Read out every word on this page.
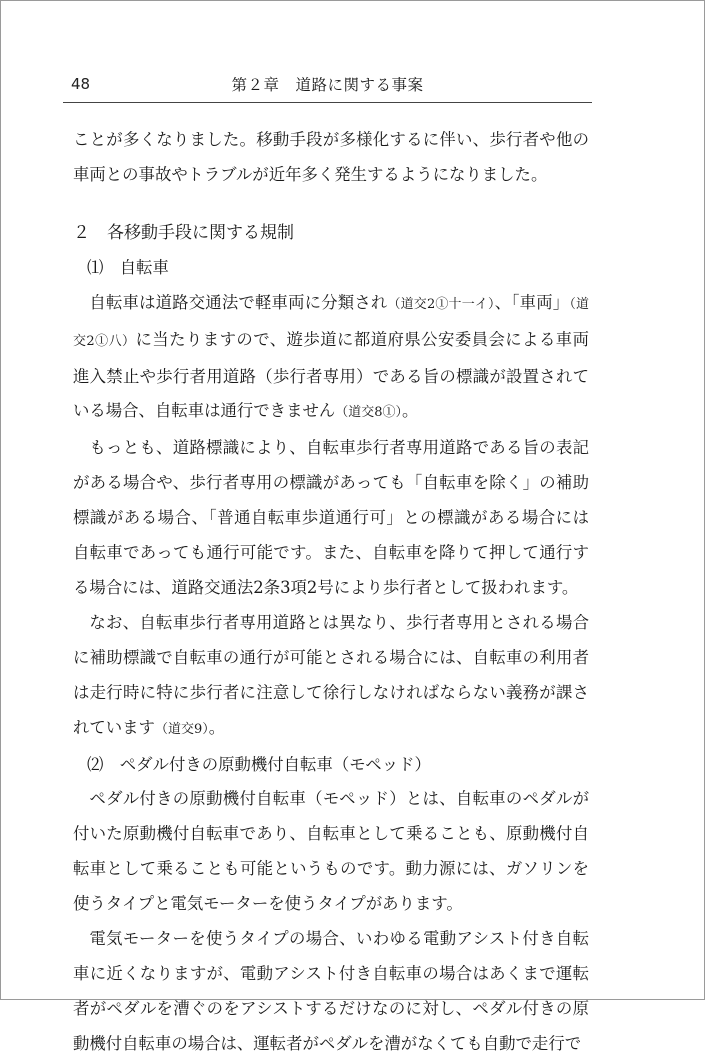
48	第２章　道路に関する事案

ことが多くなりました。移動手段が多様化するに伴い、歩行者や他の車両との事故やトラブルが近年多く発生するようになりました。

２　各移動手段に関する規制
⑴　自転車

自転車は道路交通法で軽車両に分類され（道交2①十一イ）、「車両」（道交2①八）に当たりますので、遊歩道に都道府県公安委員会による車両進入禁止や歩行者用道路（歩行者専用）である旨の標識が設置されている場合、自転車は通行できません（道交8①）。

もっとも、道路標識により、自転車歩行者専用道路である旨の表記がある場合や、歩行者専用の標識があっても「自転車を除く」の補助標識がある場合、「普通自転車歩道通行可」との標識がある場合には自転車であっても通行可能です。また、自転車を降りて押して通行する場合には、道路交通法2条3項2号により歩行者として扱われます。

なお、自転車歩行者専用道路とは異なり、歩行者専用とされる場合に補助標識で自転車の通行が可能とされる場合には、自転車の利用者は走行時に特に歩行者に注意して徐行しなければならない義務が課されています（道交9）。

⑵　ペダル付きの原動機付自転車（モペッド）

ペダル付きの原動機付自転車（モペッド）とは、自転車のペダルが付いた原動機付自転車であり、自転車として乗ることも、原動機付自転車として乗ることも可能というものです。動力源には、ガソリンを使うタイプと電気モーターを使うタイプがあります。

電気モーターを使うタイプの場合、いわゆる電動アシスト付き自転車に近くなりますが、電動アシスト付き自転車の場合はあくまで運転者がペダルを漕ぐのをアシストするだけなのに対し、ペダル付きの原動機付自転車の場合は、運転者がペダルを漕がなくても自動で走行で
